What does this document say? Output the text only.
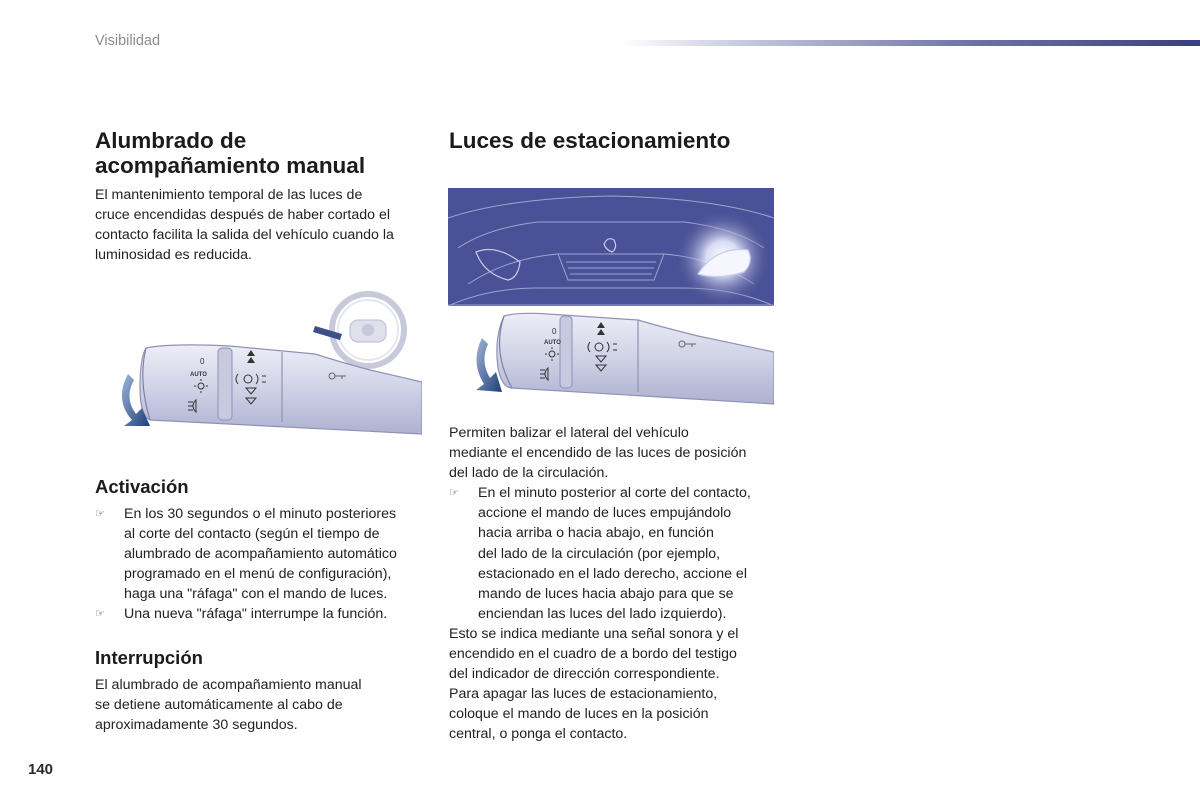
Visibilidad
Alumbrado de
acompañamiento manual
El mantenimiento temporal de las luces de
cruce encendidas después de haber cortado el
contacto facilita la salida del vehículo cuando la
luminosidad es reducida.
0
AUTO
Activación
☞ En los 30 segundos o el minuto posteriores
al corte del contacto (según el tiempo de
alumbrado de acompañamiento automático
programado en el menú de configuración),
haga una "ráfaga" con el mando de luces.
☞ Una nueva "ráfaga" interrumpe la función.
Interrupción
El alumbrado de acompañamiento manual
se detiene automáticamente al cabo de
aproximadamente 30 segundos.
Luces de estacionamiento
0
AUTO
Permiten balizar el lateral del vehículo
mediante el encendido de las luces de posición
del lado de la circulación.
☞ En el minuto posterior al corte del contacto,
accione el mando de luces empujándolo
hacia arriba o hacia abajo, en función
del lado de la circulación (por ejemplo,
estacionado en el lado derecho, accione el
mando de luces hacia abajo para que se
enciendan las luces del lado izquierdo).
Esto se indica mediante una señal sonora y el
encendido en el cuadro de a bordo del testigo
del indicador de dirección correspondiente.
Para apagar las luces de estacionamiento,
coloque el mando de luces en la posición
central, o ponga el contacto.
140
